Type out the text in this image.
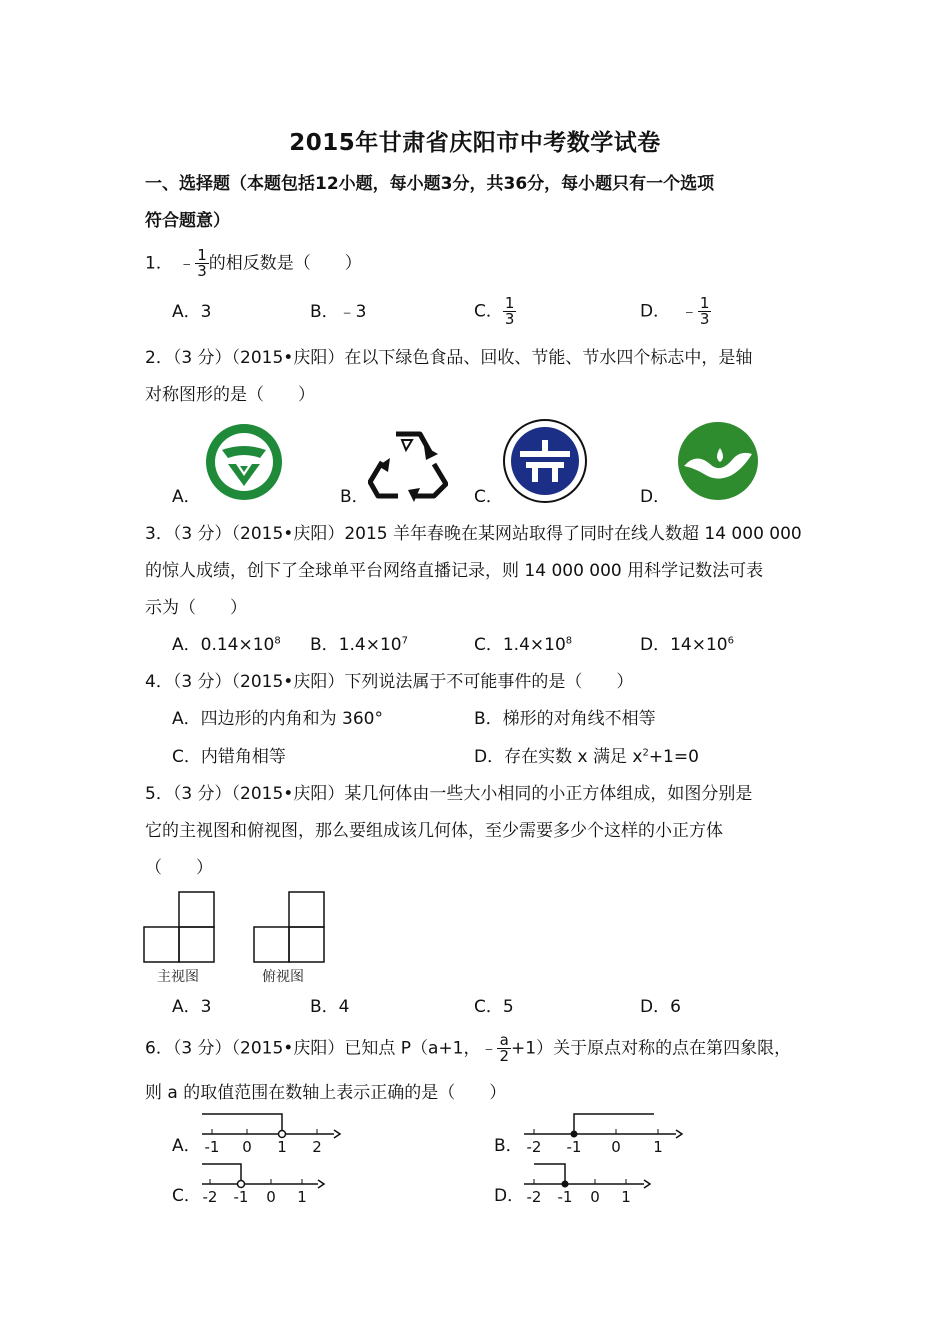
2015年甘肃省庆阳市中考数学试卷
一、选择题（本题包括12小题，每小题3分，共36分，每小题只有一个选项
符合题意）
1． ﹣ $\frac{1}{3}$ 的相反数是（　　）
A．3	B．﹣3	C． $\frac{1}{3}$	D． ﹣ $\frac{1}{3}$
2．（3 分）（2015•庆阳）在以下绿色食品、回收、节能、节水四个标志中，是轴
对称图形的是（　　）
A．	B．	C．	D．
3．（3 分）（2015•庆阳）2015 羊年春晚在某网站取得了同时在线人数超 14 000 000
的惊人成绩，创下了全球单平台网络直播记录，则 14 000 000 用科学记数法可表
示为（　　）
A．$0.14\times 10^8$ B．$1.4\times 10^7$	C．$1.4\times 10^8$	D．$14\times 10^6$
4．（3 分）（2015•庆阳）下列说法属于不可能事件的是（　　）
A．四边形的内角和为 360°	B．梯形的对角线不相等
C．内错角相等	D．存在实数 x 满足 $x^2+1=0$
5．（3 分）（2015•庆阳）某几何体由一些大小相同的小正方体组成，如图分别是
它的主视图和俯视图，那么要组成该几何体，至少需要多少个这样的小正方体
（　　）
主视图	俯视图
A．3	B．4	C．5	D．6
6．（3 分）（2015•庆阳）已知点 P（a+1，﹣ $\frac{a}{2} +1$）关于原点对称的点在第四象限，
则 a 的取值范围在数轴上表示正确的是（　　）
A． -1 0 1 2	B． -2 -1 0 1
C． -2 -1 0 1	D． -2 -1 0 1
